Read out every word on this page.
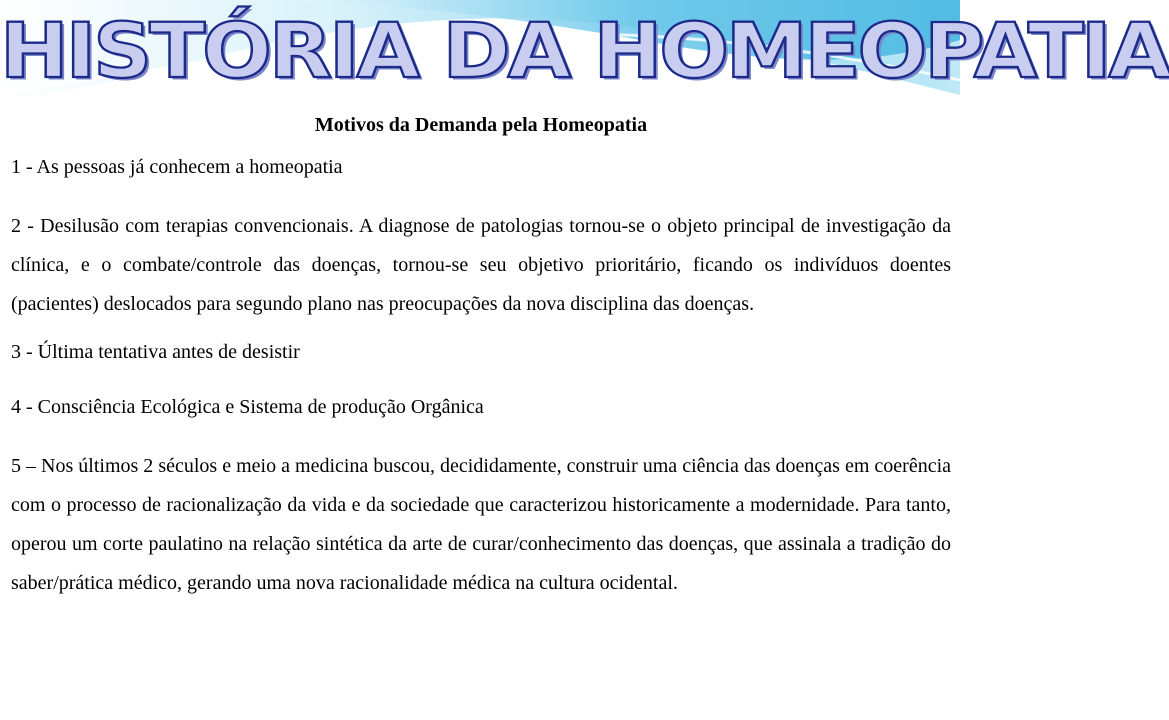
HISTÓRIA DA HOMEOPATIA
Motivos da Demanda pela Homeopatia

1 - As pessoas já conhecem a homeopatia

2 - Desilusão com terapias convencionais. A diagnose de patologias tornou-se o objeto principal de investigação da clínica, e o combate/controle das doenças, tornou-se seu objetivo prioritário, ficando os indivíduos doentes (pacientes) deslocados para segundo plano nas preocupações da nova disciplina das doenças.

3 - Última tentativa antes de desistir

4 - Consciência Ecológica e Sistema de produção Orgânica

5 – Nos últimos 2 séculos e meio a medicina buscou, decididamente, construir uma ciência das doenças em coerência com o processo de racionalização da vida e da sociedade que caracterizou historicamente a modernidade. Para tanto, operou um corte paulatino na relação sintética da arte de curar/conhecimento das doenças, que assinala a tradição do saber/prática médico, gerando uma nova racionalidade médica na cultura ocidental.
